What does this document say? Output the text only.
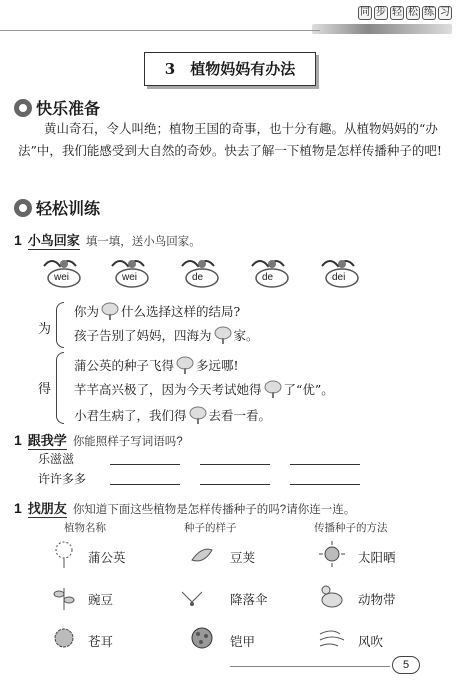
同 步 轻 松 练 习
3　植物妈妈有办法
快乐准备
黄山奇石，令人叫绝；植物王国的奇事，也十分有趣。从植物妈妈的“办法”中，我们能感受到大自然的奇妙。快去了解一下植物是怎样传播种子的吧!
轻松训练
1 小鸟回家 填一填，送小鸟回家。
wei	wei	de	de	dei
为
你为 什么选择这样的结局?
孩子告别了妈妈，四海为 家。
得
蒲公英的种子飞得 多远哪!
芊芊高兴极了，因为今天考试她得 了“优”。
小君生病了，我们得 去看一看。
1 跟我学 你能照样子写词语吗?
乐滋滋
许许多多
1 找朋友 你知道下面这些植物是怎样传播种子的吗?请你连一连。
植物名称	种子的样子	传播种子的方法
蒲公英	豆荚	太阳晒
豌豆	降落伞	动物带
苍耳	铠甲	风吹
5
